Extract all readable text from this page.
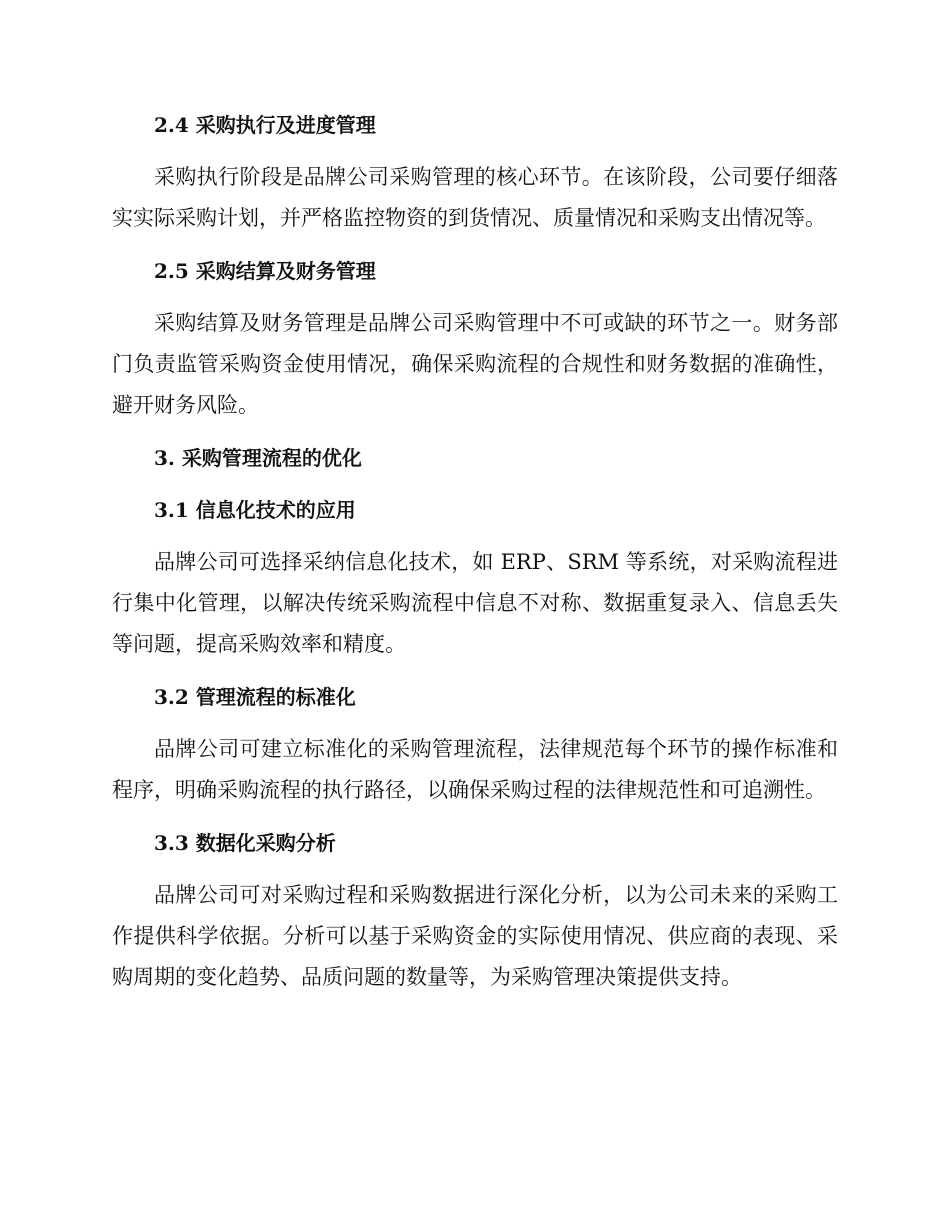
2.4 采购执行及进度管理

采购执行阶段是品牌公司采购管理的核心环节。在该阶段，公司要仔细落实实际采购计划，并严格监控物资的到货情况、质量情况和采购支出情况等。

2.5 采购结算及财务管理

采购结算及财务管理是品牌公司采购管理中不可或缺的环节之一。财务部门负责监管采购资金使用情况，确保采购流程的合规性和财务数据的准确性，避开财务风险。

3. 采购管理流程的优化
3.1 信息化技术的应用

品牌公司可选择采纳信息化技术，如 ERP、SRM 等系统，对采购流程进行集中化管理，以解决传统采购流程中信息不对称、数据重复录入、信息丢失等问题，提高采购效率和精度。

3.2 管理流程的标准化

品牌公司可建立标准化的采购管理流程，法律规范每个环节的操作标准和程序，明确采购流程的执行路径，以确保采购过程的法律规范性和可追溯性。

3.3 数据化采购分析

品牌公司可对采购过程和采购数据进行深化分析，以为公司未来的采购工作提供科学依据。分析可以基于采购资金的实际使用情况、供应商的表现、采购周期的变化趋势、品质问题的数量等，为采购管理决策提供支持。
